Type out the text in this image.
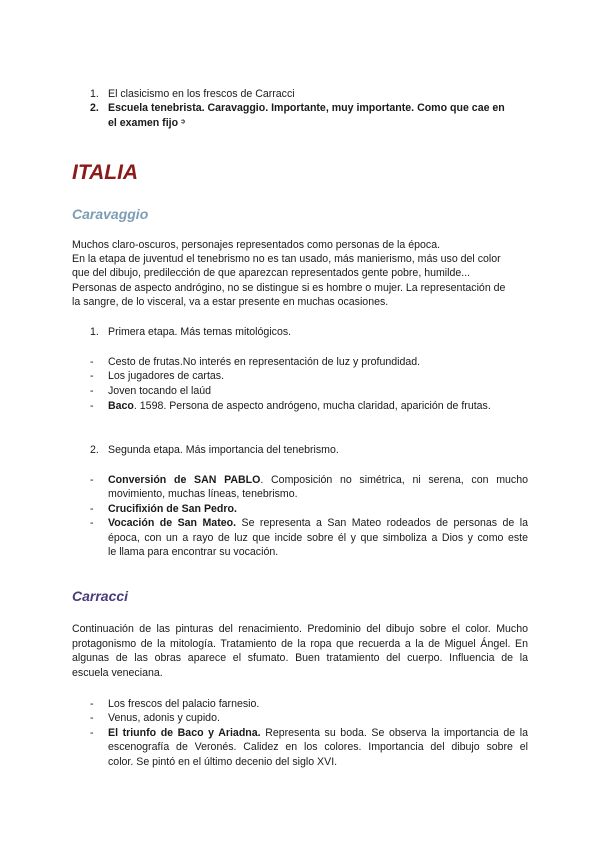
1. El clasicismo en los frescos de Carracci
2. Escuela tenebrista. Caravaggio. Importante, muy importante. Como que cae en
el examen fijo ᵓ
ITALIA
Caravaggio
Muchos claro-oscuros, personajes representados como personas de la época.
En la etapa de juventud el tenebrismo no es tan usado, más manierismo, más uso del color
que del dibujo, predilección de que aparezcan representados gente pobre, humilde...
Personas de aspecto andrógino, no se distingue si es hombre o mujer. La representación de
la sangre, de lo visceral, va a estar presente en muchas ocasiones.
1. Primera etapa. Más temas mitológicos.
- Cesto de frutas.No interés en representación de luz y profundidad.
- Los jugadores de cartas.
- Joven tocando el laúd
- Baco. 1598. Persona de aspecto andrógeno, mucha claridad, aparición de frutas.
2. Segunda etapa. Más importancia del tenebrismo.
- Conversión de SAN PABLO. Composición no simétrica, ni serena, con mucho
movimiento, muchas líneas, tenebrismo.
- Crucifixión de San Pedro.
- Vocación de San Mateo. Se representa a San Mateo rodeados de personas de la
época, con un a rayo de luz que incide sobre él y que simboliza a Dios y como este
le llama para encontrar su vocación.
Carracci
Continuación de las pinturas del renacimiento. Predominio del dibujo sobre el color. Mucho
protagonismo de la mitología. Tratamiento de la ropa que recuerda a la de Miguel Ángel. En
algunas de las obras aparece el sfumato. Buen tratamiento del cuerpo. Influencia de la
escuela veneciana.
- Los frescos del palacio farnesio.
- Venus, adonis y cupido.
- El triunfo de Baco y Ariadna. Representa su boda. Se observa la importancia de la
escenografía de Veronés. Calidez en los colores. Importancia del dibujo sobre el
color. Se pintó en el último decenio del siglo XVI.
